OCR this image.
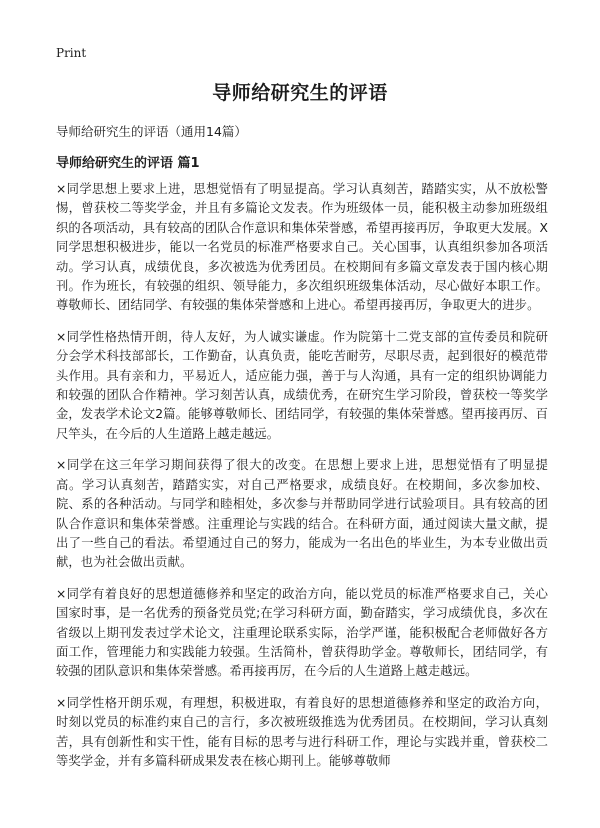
Print
导师给研究生的评语

导师给研究生的评语（通用14篇）

导师给研究生的评语 篇1

×同学思想上要求上进，思想觉悟有了明显提高。学习认真刻苦，踏踏实实，从不放松警惕，曾获校二等奖学金，并且有多篇论文发表。作为班级体一员，能积极主动参加班级组织的各项活动，具有较高的团队合作意识和集体荣誉感，希望再接再厉，争取更大发展。X同学思想积极进步，能以一名党员的标准严格要求自己。关心国事，认真组织参加各项活动。学习认真，成绩优良，多次被选为优秀团员。在校期间有多篇文章发表于国内核心期刊。作为班长，有较强的组织、领导能力，多次组织班级集体活动，尽心做好本职工作。尊敬师长、团结同学、有较强的集体荣誉感和上进心。希望再接再厉，争取更大的进步。

×同学性格热情开朗，待人友好，为人诚实谦虚。作为院第十二党支部的宣传委员和院研分会学术科技部部长，工作勤奋，认真负责，能吃苦耐劳，尽职尽责，起到很好的模范带头作用。具有亲和力，平易近人，适应能力强，善于与人沟通，具有一定的组织协调能力和较强的团队合作精神。学习刻苦认真，成绩优秀，在研究生学习阶段，曾获校一等奖学金，发表学术论文2篇。能够尊敬师长、团结同学，有较强的集体荣誉感。望再接再厉、百尺竿头，在今后的人生道路上越走越远。

×同学在这三年学习期间获得了很大的改变。在思想上要求上进，思想觉悟有了明显提高。学习认真刻苦，踏踏实实，对自己严格要求，成绩良好。在校期间，多次参加校、院、系的各种活动。与同学和睦相处，多次参与并帮助同学进行试验项目。具有较高的团队合作意识和集体荣誉感。注重理论与实践的结合。在科研方面，通过阅读大量文献，提出了一些自己的看法。希望通过自己的努力，能成为一名出色的毕业生，为本专业做出贡献，也为社会做出贡献。

×同学有着良好的思想道德修养和坚定的政治方向，能以党员的标准严格要求自己，关心国家时事，是一名优秀的预备党员党;在学习科研方面，勤奋踏实，学习成绩优良，多次在省级以上期刊发表过学术论文，注重理论联系实际，治学严谨，能积极配合老师做好各方面工作，管理能力和实践能力较强。生活简朴，曾获得助学金。尊敬师长，团结同学，有较强的团队意识和集体荣誉感。希再接再厉，在今后的人生道路上越走越远。

×同学性格开朗乐观，有理想，积极进取，有着良好的思想道德修养和坚定的政治方向，时刻以党员的标准约束自己的言行，多次被班级推选为优秀团员。在校期间，学习认真刻苦，具有创新性和实干性，能有目标的思考与进行科研工作，理论与实践并重，曾获校二等奖学金，并有多篇科研成果发表在核心期刊上。能够尊敬师
